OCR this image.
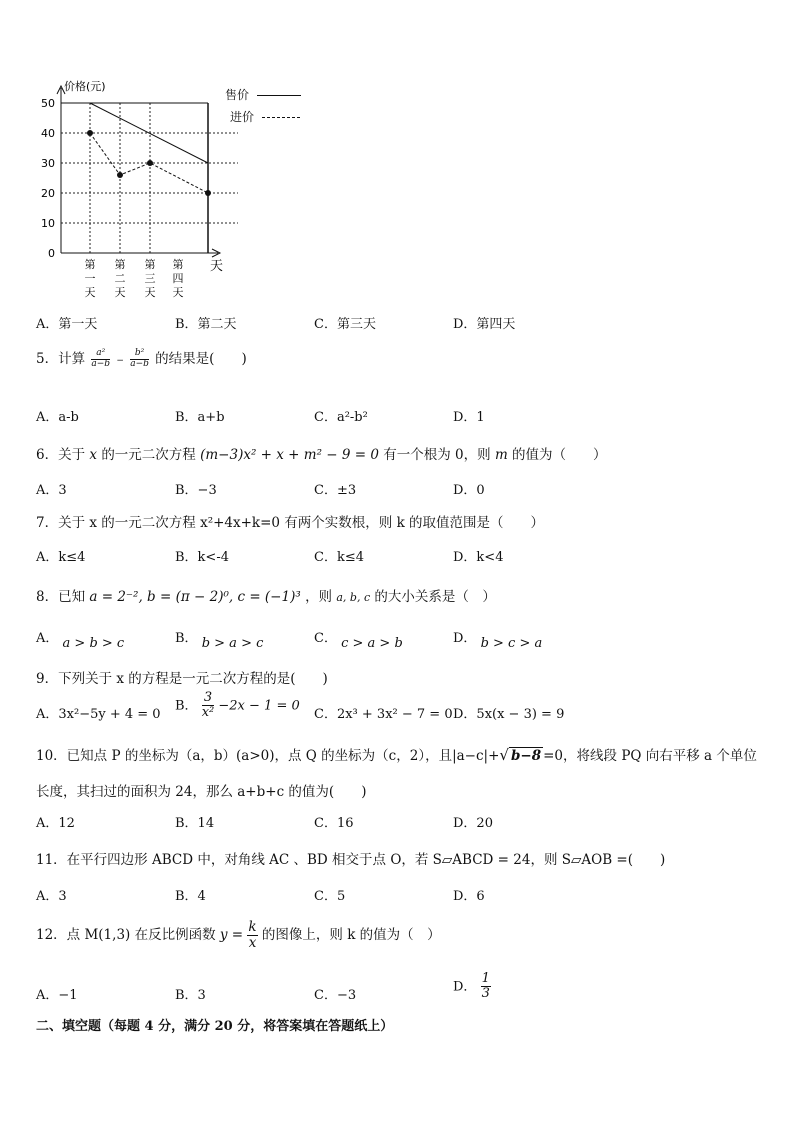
50
40
30
20
10
0
价格(元)
天
第
一
天
第
二
天
第
三
天
第
四
天
售价
进价
A．第一天	B．第二天	C．第三天	D．第四天
5．计算 $\frac{\text{a²}}{a-b} - \frac{\text{b²}}{a-b}$ 的结果是(　　)
A．a-b	B．a+b	C．a²-b²	D．1
6．关于 x 的一元二次方程 (m−3)x² + x + m² − 9 = 0 有一个根为 0，则 m 的值为（　　）
A．3	B．−3	C．±3	D．0
7．关于 x 的一元二次方程 x²+4x+k=0 有两个实数根，则 k 的取值范围是（　　）
A．k≤4	B．k<-4	C．k≤4	D．k<4
8．已知 a = 2⁻², b = (π − 2)⁰, c = (−1)³ ，则 a, b, c 的大小关系是（　）
A． a > b > c	B． b > a > c	C． c > a > b	D． b > c > a
9．下列关于 x 的方程是一元二次方程的是(　　)
A．3x²−5y + 4 = 0
B． $\frac{3}{\text{x²}} -2x - 1 = 0$
C．2x³ + 3x² − 7 = 0 D．5x(x − 3) = 9
10．已知点 P 的坐标为（a，b）(a>0)，点 Q 的坐标为（c，2），且|a−c|+√ b−8 =0，将线段 PQ 向右平移 a 个单位
长度，其扫过的面积为 24，那么 a+b+c 的值为(　　)
A．12	B．14	C．16	D．20
11．在平行四边形 ABCD 中，对角线 AC 、BD 相交于点 O，若 S▱ABCD = 24，则 S▱AOB =(　　)
A．3	B．4	C．5	D．6
12．点 M(1,3) 在反比例函数 $y = \frac{k}{x}$ 的图像上，则 k 的值为（　）
A．−1	B．3	C．−3
D． $\frac{1}{3}$
二、填空题（每题 4 分，满分 20 分，将答案填在答题纸上）
